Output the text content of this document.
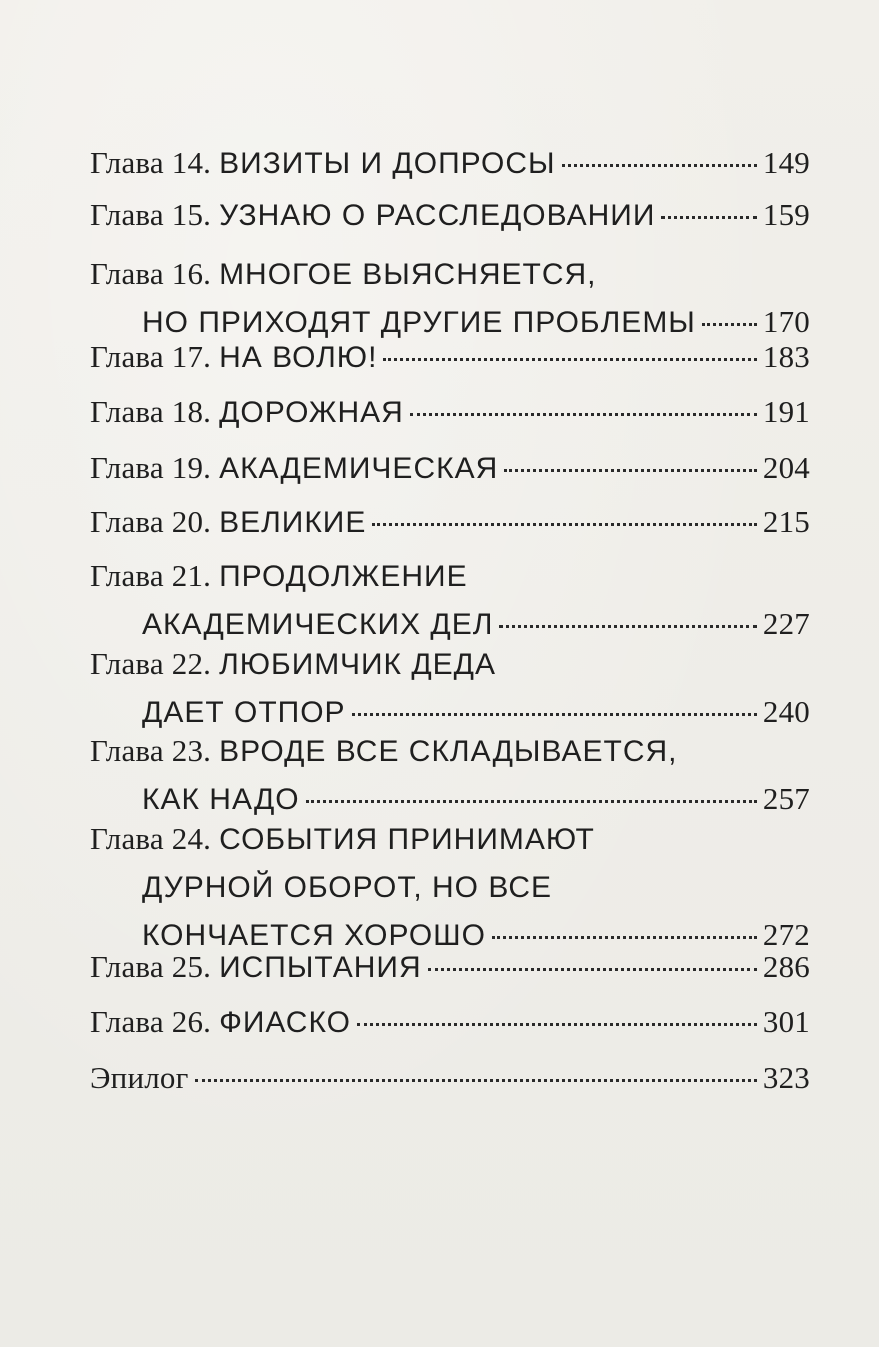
Глава 14. ВИЗИТЫ И ДОПРОСЫ	149
Глава 15. УЗНАЮ О РАССЛЕДОВАНИИ	159
Глава 16. МНОГОЕ ВЫЯСНЯЕТСЯ,
НО ПРИХОДЯТ ДРУГИЕ ПРОБЛЕМЫ 170
Глава 17. НА ВОЛЮ!	183
Глава 18. ДОРОЖНАЯ	191
Глава 19. АКАДЕМИЧЕСКАЯ	204
Глава 20. ВЕЛИКИЕ	215
Глава 21. ПРОДОЛЖЕНИЕ
АКАДЕМИЧЕСКИХ ДЕЛ	227
Глава 22. ЛЮБИМЧИК ДЕДА
ДАЕТ ОТПОР	240
Глава 23. ВРОДЕ ВСЕ СКЛАДЫВАЕТСЯ,
КАК НАДО	257
Глава 24. СОБЫТИЯ ПРИНИМАЮТ
ДУРНОЙ ОБОРОТ, НО ВСЕ
КОНЧАЕТСЯ ХОРОШО	272
Глава 25. ИСПЫТАНИЯ	286
Глава 26. ФИАСКО	301
Эпилог	323
